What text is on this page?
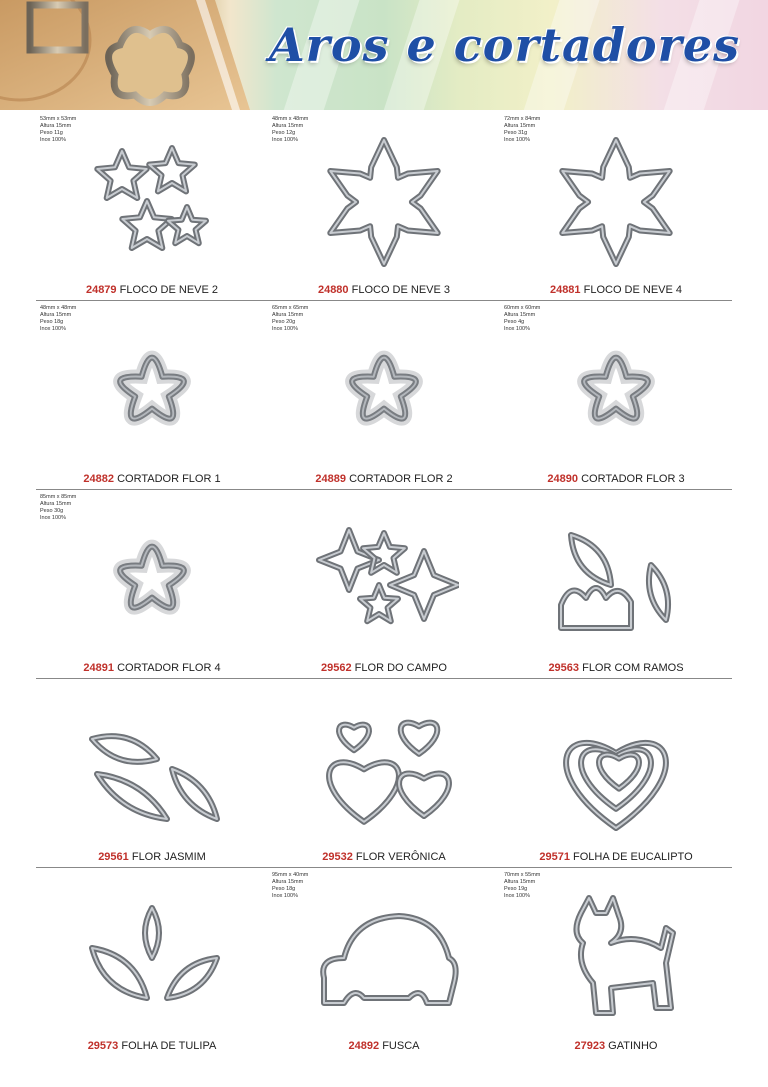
Aros e cortadores
53mm x 53mm
Altura 15mm
Peso 11g
Inox 100%
24879 FLOCO DE NEVE 2
48mm x 48mm
Altura 15mm
Peso 12g
Inox 100%
24880 FLOCO DE NEVE 3
72mm x 84mm
Altura 15mm
Peso 31g
Inox 100%
24881 FLOCO DE NEVE 4
48mm x 48mm
Altura 15mm
Peso 18g
Inox 100%
24882 CORTADOR FLOR 1
65mm x 65mm
Altura 15mm
Peso 20g
Inox 100%
24889 CORTADOR FLOR 2
60mm x 60mm
Altura 15mm
Peso 4g
Inox 100%
24890 CORTADOR FLOR 3
85mm x 85mm
Altura 15mm
Peso 30g
Inox 100%
24891 CORTADOR FLOR 4	29562 FLOR DO CAMPO	29563 FLOR COM RAMOS
29561 FLOR JASMIM	29532 FLOR VERÔNICA	29571 FOLHA DE EUCALIPTO
29573 FOLHA DE TULIPA
95mm x 40mm
Altura 15mm
Peso 18g
Inox 100%
24892 FUSCA
70mm x 55mm
Altura 15mm
Peso 19g
Inox 100%
27923 GATINHO
